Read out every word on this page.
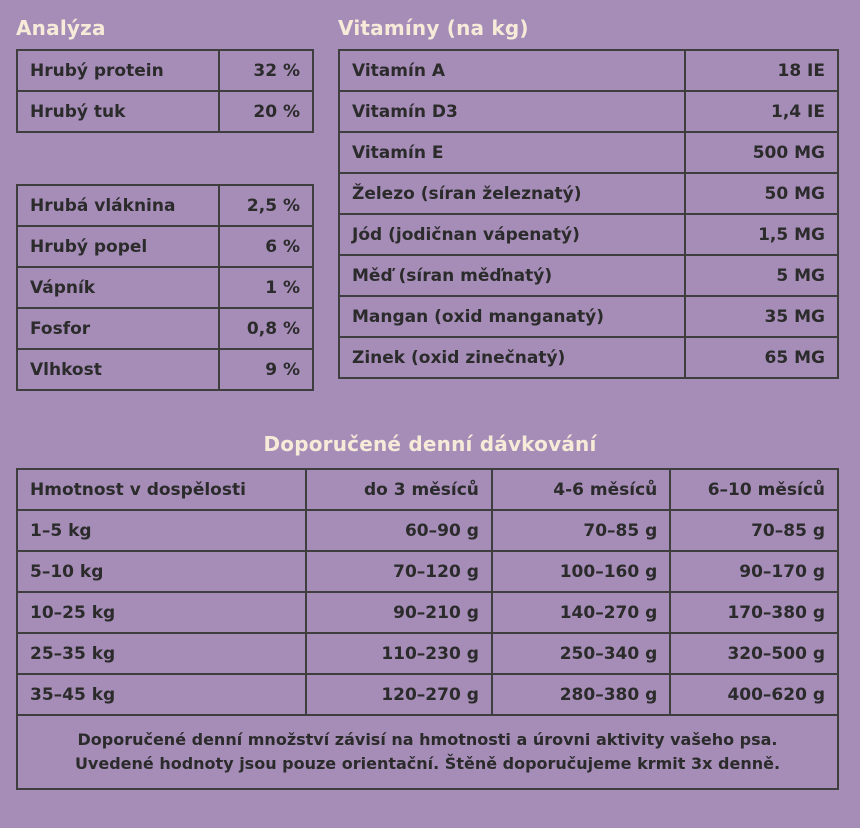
Analýza	Vitamíny (na kg)
Doporučené denní dávkování
Hrubý protein	32 %
Hrubý tuk	20 %
Hrubá vláknina	2,5 %
Hrubý popel	6 %
Vápník	1 %
Fosfor	0,8 %
Vlhkost	9 %
Vitamín A	18 IE
Vitamín D3	1,4 IE
Vitamín E	500 MG
Železo (síran železnatý)	50 MG
Jód (jodičnan vápenatý)	1,5 MG
Měď (síran měďnatý)	5 MG
Mangan (oxid manganatý)	35 MG
Zinek (oxid zinečnatý)	65 MG
Hmotnost v dospělosti	do 3 měsíců	4-6 měsíců	6–10 měsíců
1–5 kg	60–90 g	70–85 g	70–85 g
5–10 kg	70–120 g	100–160 g	90–170 g
10–25 kg	90–210 g	140–270 g	170–380 g
25–35 kg	110–230 g	250–340 g	320–500 g
35–45 kg	120–270 g	280–380 g	400–620 g

Doporučené denní množství závisí na hmotnosti a úrovni aktivity vašeho psa.
Uvedené hodnoty jsou pouze orientační. Štěně doporučujeme krmit 3x denně.			
